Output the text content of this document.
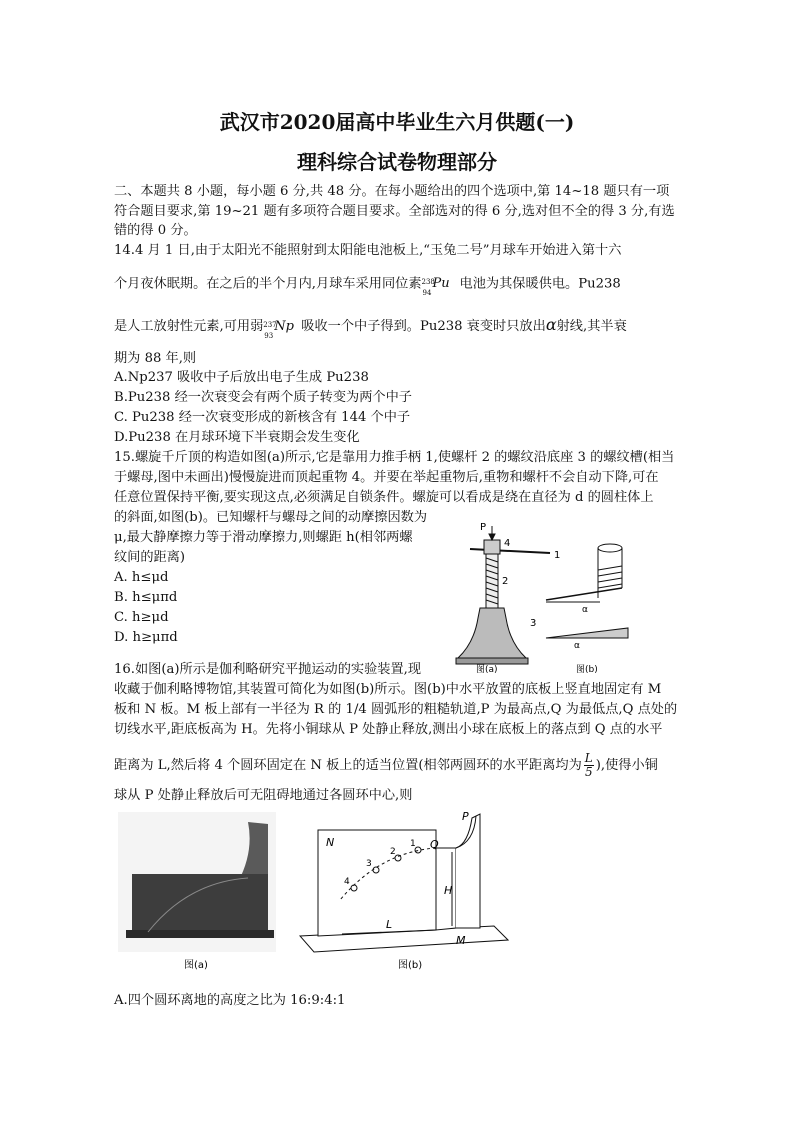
武汉市2020届高中毕业生六月供题(一)
理科综合试卷物理部分
二、本题共 8 小题，每小题 6 分,共 48 分。在每小题给出的四个选项中,第 14~18 题只有一项
符合题目要求,第 19~21 题有多项符合题目要求。全部选对的得 6 分,选对但不全的得 3 分,有选
错的得 0 分。
14.4 月 1 日,由于太阳光不能照射到太阳能电池板上,“玉兔二号”月球车开始进入第十六
个月夜休眠期。在之后的半个月内,月球车采用同位素 238
94
Pu 电池为其保暖供电。Pu238
是人工放射性元素,可用弱 237
93
Np 吸收一个中子得到。Pu238 衰变时只放出α射线,其半衰
期为 88 年,则
A.Np237 吸收中子后放出电子生成 Pu238
B.Pu238 经一次衰变会有两个质子转变为两个中子
C. Pu238 经一次衰变形成的新核含有 144 个中子
D.Pu238 在月球环境下半衰期会发生变化
15.螺旋千斤顶的构造如图(a)所示,它是靠用力推手柄 1,使螺杆 2 的螺纹沿底座 3 的螺纹槽(相当
于螺母,图中未画出)慢慢旋进而顶起重物 4。并要在举起重物后,重物和螺杆不会自动下降,可在
任意位置保持平衡,要实现这点,必须满足自锁条件。螺旋可以看成是绕在直径为 d 的圆柱体上
的斜面,如图(b)。已知螺杆与螺母之间的动摩擦因数为
μ,最大静摩擦力等于滑动摩擦力,则螺距 h(相邻两螺
纹间的距离)
A. h≤μd
B. h≤μπd
C. h≥μd
D. h≥μπd
P
1
2
3
4
图(a)
α
α
图(b)
16.如图(a)所示是伽利略研究平抛运动的实验装置,现
收藏于伽利略博物馆,其装置可简化为如图(b)所示。图(b)中水平放置的底板上竖直地固定有 M
板和 N 板。M 板上部有一半径为 R 的 1/4 圆弧形的粗糙轨道,P 为最高点,Q 为最低点,Q 点处的
切线水平,距底板高为 H。先将小铜球从 P 处静止释放,测出小球在底板上的落点到 Q 点的水平
距离为 L,然后将 4 个圆环固定在 N 板上的适当位置(相邻两圆环的水平距离均为 $\frac{L}{5}$ ),使得小铜
球从 P 处静止释放后可无阻碍地通过各圆环中心,则
图(a)
N
P
Q
H
L
M
1
2
3
4
图(b)
A.四个圆环离地的高度之比为 16:9:4:1
